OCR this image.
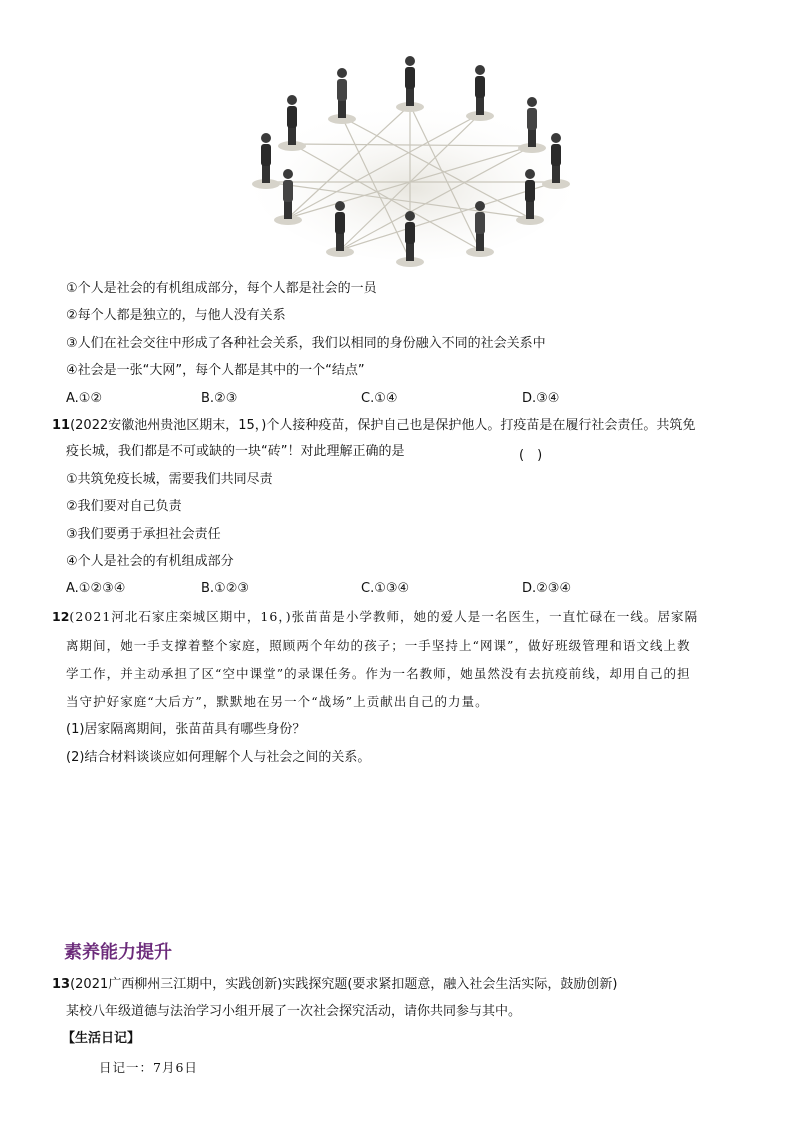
①个人是社会的有机组成部分，每个人都是社会的一员
②每个人都是独立的，与他人没有关系
③人们在社会交往中形成了各种社会关系，我们以相同的身份融入不同的社会关系中
④社会是一张“大网”，每个人都是其中的一个“结点”
A.①②	B.②③	C.①④	D.③④
11(2022安徽池州贵池区期末，15，)个人接种疫苗，保护自己也是保护他人。打疫苗是在履行社会责任。共筑免
疫长城，我们都是不可或缺的一块“砖”！对此理解正确的是	(　)
①共筑免疫长城，需要我们共同尽责
②我们要对自己负责
③我们要勇于承担社会责任
④个人是社会的有机组成部分
A.①②③④	B.①②③	C.①③④	D.②③④
12(2021河北石家庄栾城区期中，16，)张苗苗是小学教师，她的爱人是一名医生，一直忙碌在一线。居家隔
离期间，她一手支撑着整个家庭，照顾两个年幼的孩子；一手坚持上“网课”，做好班级管理和语文线上教
学工作，并主动承担了区“空中课堂”的录课任务。作为一名教师，她虽然没有去抗疫前线，却用自己的担
当守护好家庭“大后方”，默默地在另一个“战场”上贡献出自己的力量。
(1)居家隔离期间，张苗苗具有哪些身份？
(2)结合材料谈谈应如何理解个人与社会之间的关系。
素养能力提升
13(2021广西柳州三江期中，实践创新)实践探究题(要求紧扣题意，融入社会生活实际，鼓励创新)
某校八年级道德与法治学习小组开展了一次社会探究活动，请你共同参与其中。
【生活日记】
日记一：7月6日
